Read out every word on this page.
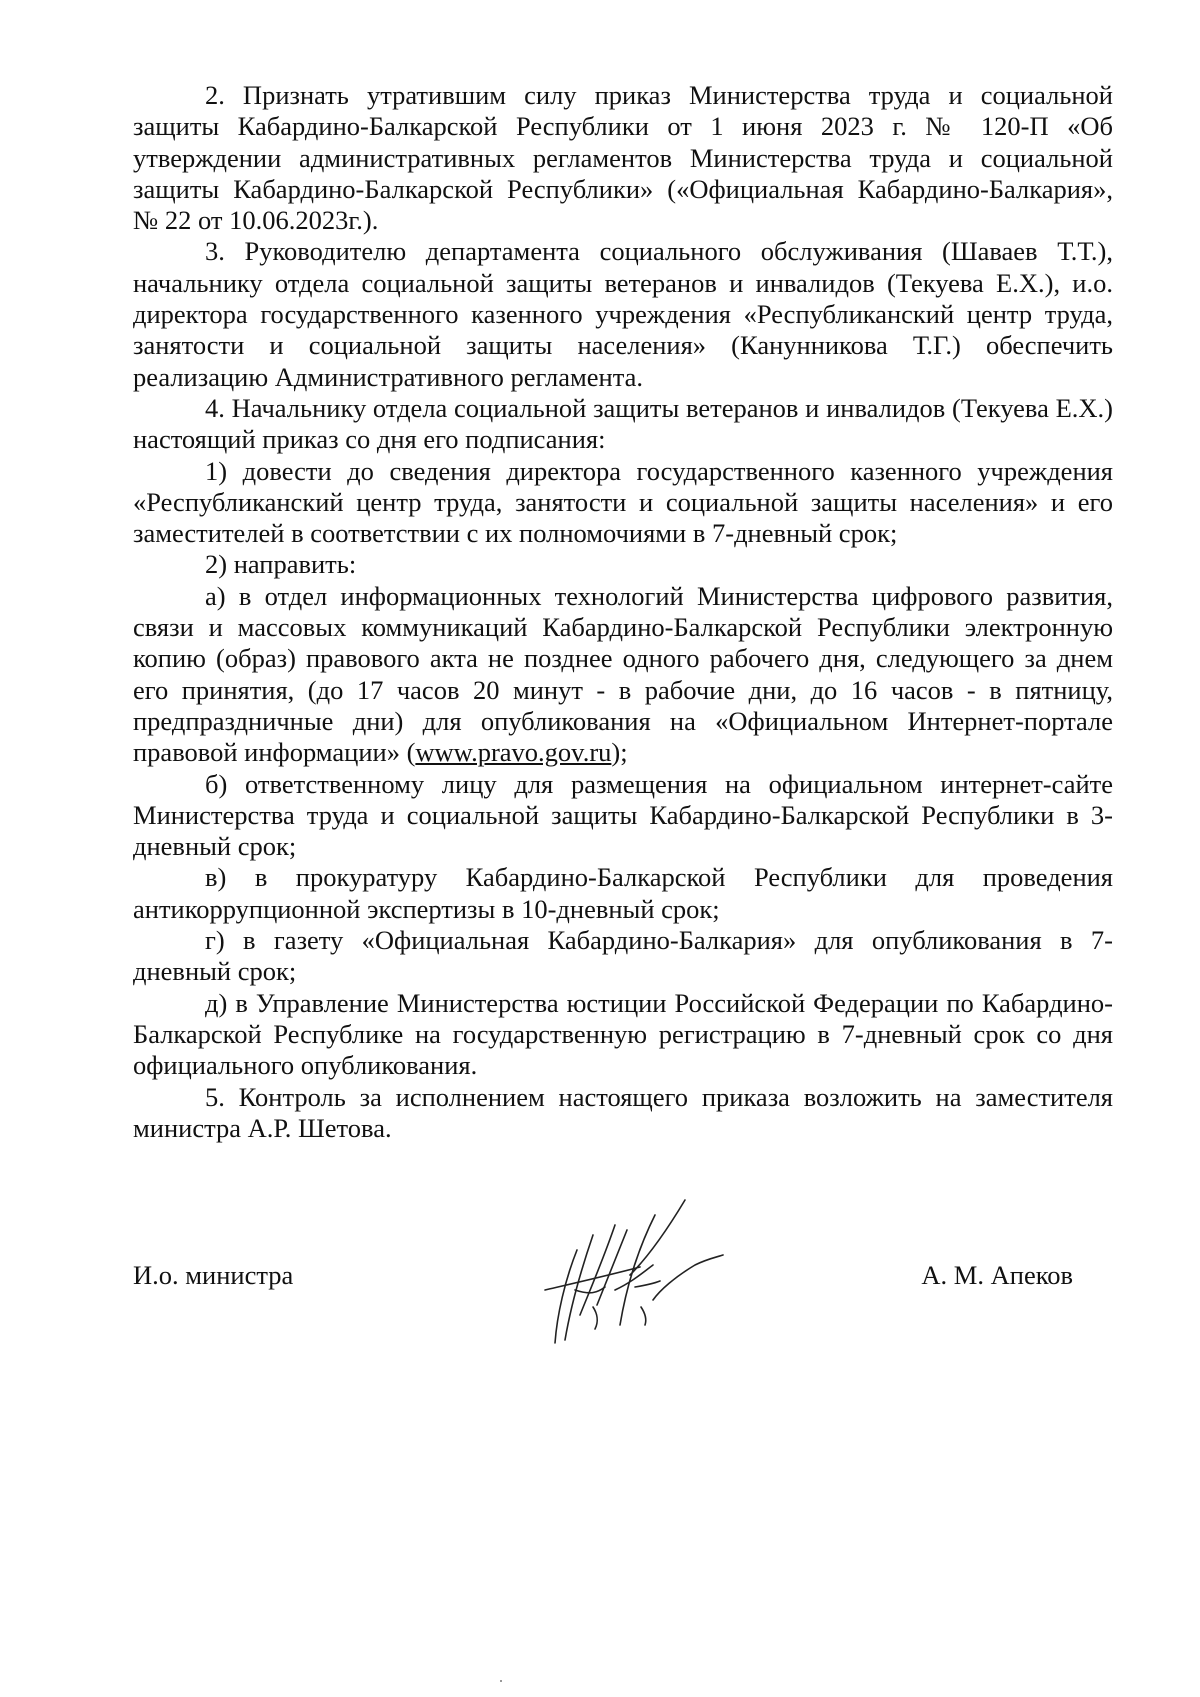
2. Признать утратившим силу приказ Министерства труда и социальной защиты Кабардино-Балкарской Республики от 1 июня 2023 г. № 120-П «Об утверждении административных регламентов Министерства труда и социальной защиты Кабардино-Балкарской Республики» («Официальная Кабардино-Балкария», № 22 от 10.06.2023г.).

3. Руководителю департамента социального обслуживания (Шаваев Т.Т.), начальнику отдела социальной защиты ветеранов и инвалидов (Текуева Е.Х.), и.о. директора государственного казенного учреждения «Республиканский центр труда, занятости и социальной защиты населения» (Канунникова Т.Г.) обеспечить реализацию Административного регламента.

4. Начальнику отдела социальной защиты ветеранов и инвалидов (Текуева Е.Х.) настоящий приказ со дня его подписания:

1) довести до сведения директора государственного казенного учреждения «Республиканский центр труда, занятости и социальной защиты населения» и его заместителей в соответствии с их полномочиями в 7-дневный срок;

2) направить:

а) в отдел информационных технологий Министерства цифрового развития, связи и массовых коммуникаций Кабардино-Балкарской Республики электронную копию (образ) правового акта не позднее одного рабочего дня, следующего за днем его принятия, (до 17 часов 20 минут - в рабочие дни, до 16 часов - в пятницу, предпраздничные дни) для опубликования на «Официальном Интернет-портале правовой информации» (www.pravo.gov.ru);

б) ответственному лицу для размещения на официальном интернет-сайте Министерства труда и социальной защиты Кабардино-Балкарской Республики в 3-дневный срок;

в) в прокуратуру Кабардино-Балкарской Республики для проведения антикоррупционной экспертизы в 10-дневный срок;

г) в газету «Официальная Кабардино-Балкария» для опубликования в 7-дневный срок;

д) в Управление Министерства юстиции Российской Федерации по Кабардино-Балкарской Республике на государственную регистрацию в 7-дневный срок со дня официального опубликования.

5. Контроль за исполнением настоящего приказа возложить на заместителя министра А.Р. Шетова.

И.о. министра	А. М. Апеков
